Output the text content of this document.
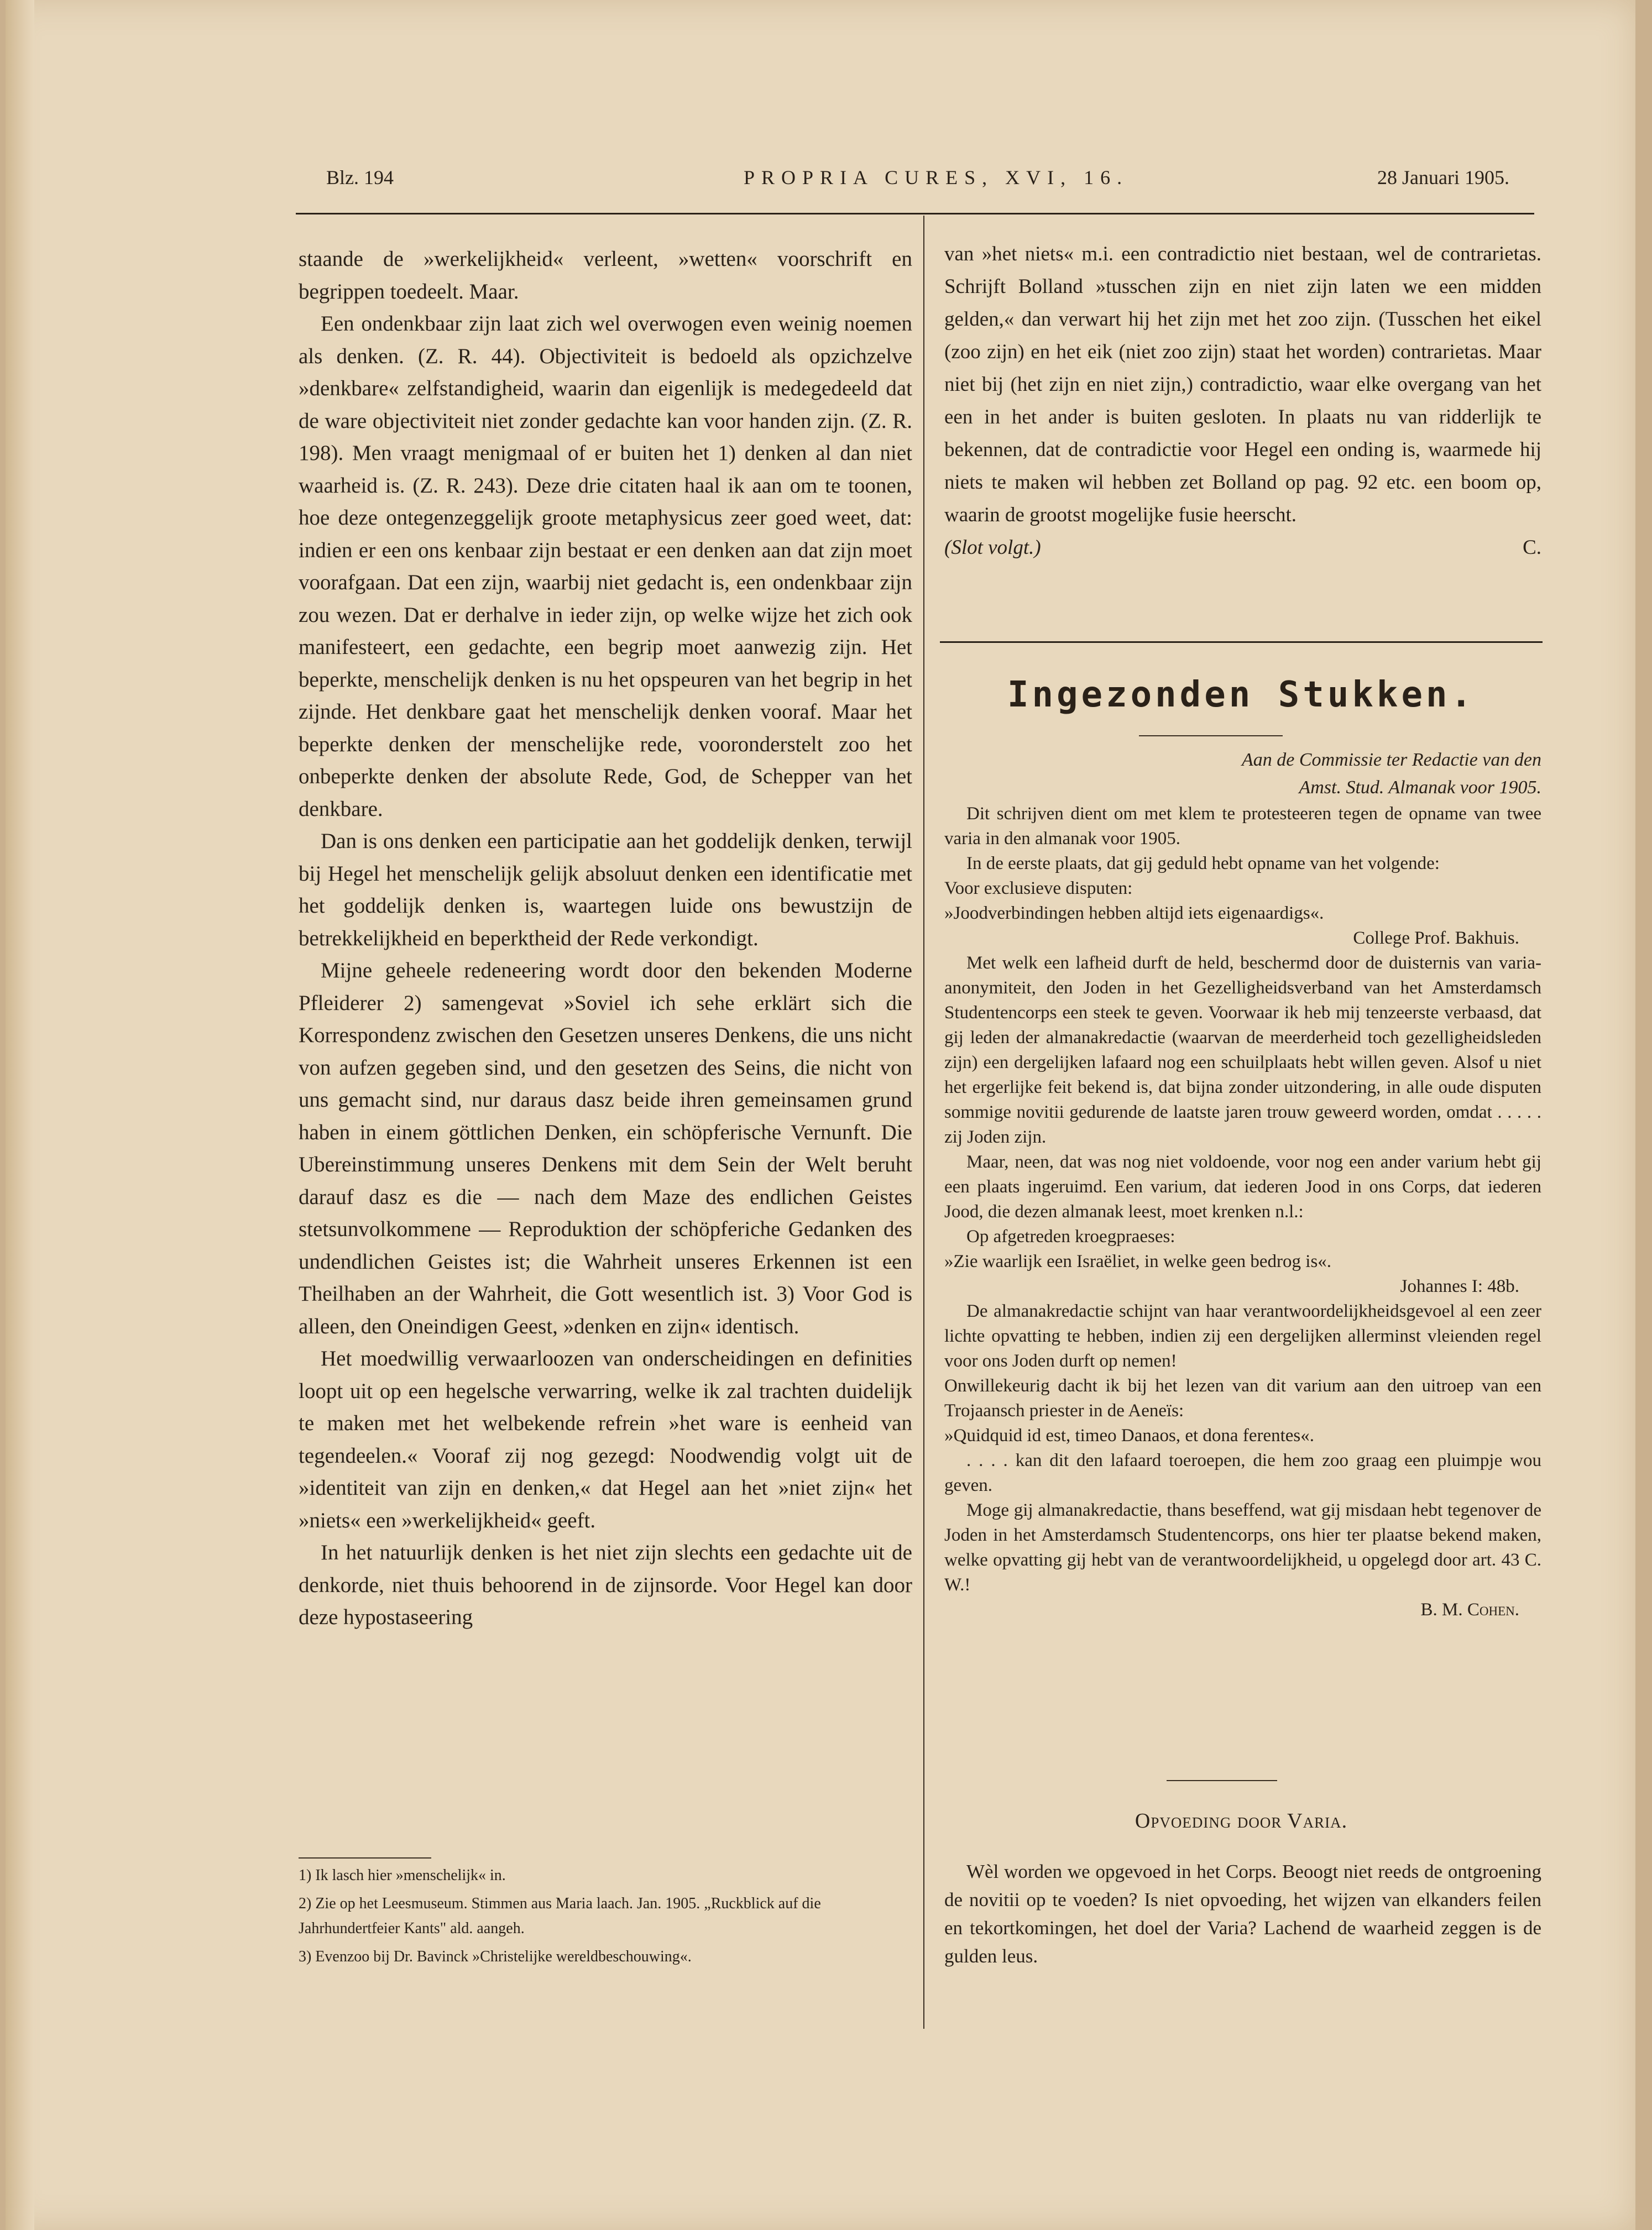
Blz. 194	PROPRIA CURES, XVI, 16.	28 Januari 1905.

staande de »werkelijkheid« verleent, »wetten« voorschrift en begrippen toedeelt. Maar.

Een ondenkbaar zijn laat zich wel overwogen even weinig noemen als denken. (Z. R. 44). Objectiviteit is bedoeld als opzichzelve »denkbare« zelfstandigheid, waarin dan eigenlijk is medegedeeld dat de ware objectiviteit niet zonder gedachte kan voor handen zijn. (Z. R. 198). Men vraagt menigmaal of er buiten het 1) denken al dan niet waarheid is. (Z. R. 243). Deze drie citaten haal ik aan om te toonen, hoe deze ontegenzeggelijk groote metaphysicus zeer goed weet, dat: indien er een ons kenbaar zijn bestaat er een denken aan dat zijn moet voorafgaan. Dat een zijn, waarbij niet gedacht is, een ondenkbaar zijn zou wezen. Dat er derhalve in ieder zijn, op welke wijze het zich ook manifesteert, een gedachte, een begrip moet aanwezig zijn. Het beperkte, menschelijk denken is nu het opspeuren van het begrip in het zijnde. Het denkbare gaat het menschelijk denken vooraf. Maar het beperkte denken der menschelijke rede, vooronderstelt zoo het onbeperkte denken der absolute Rede, God, de Schepper van het denkbare.

Dan is ons denken een participatie aan het goddelijk denken, terwijl bij Hegel het menschelijk gelijk absoluut denken een identificatie met het goddelijk denken is, waartegen luide ons bewustzijn de betrekkelijkheid en beperktheid der Rede verkondigt.

Mijne geheele redeneering wordt door den bekenden Moderne Pfleiderer 2) samengevat »Soviel ich sehe erklärt sich die Korrespondenz zwischen den Gesetzen unseres Denkens, die uns nicht von aufzen gegeben sind, und den gesetzen des Seins, die nicht von uns gemacht sind, nur daraus dasz beide ihren gemeinsamen grund haben in einem göttlichen Denken, ein schöpferische Vernunft. Die Ubereinstimmung unseres Denkens mit dem Sein der Welt beruht darauf dasz es die — nach dem Maze des endlichen Geistes stetsunvolkommene — Reproduktion der schöpferiche Gedanken des undendlichen Geistes ist; die Wahrheit unseres Erkennen ist een Theilhaben an der Wahrheit, die Gott wesentlich ist. 3) Voor God is alleen, den Oneindigen Geest, »denken en zijn« identisch.

Het moedwillig verwaarloozen van onderscheidingen en definities loopt uit op een hegelsche verwarring, welke ik zal trachten duidelijk te maken met het welbekende refrein »het ware is eenheid van tegendeelen.« Vooraf zij nog gezegd: Noodwendig volgt uit de »identiteit van zijn en denken,« dat Hegel aan het »niet zijn« het »niets« een »werkelijkheid« geeft.

In het natuurlijk denken is het niet zijn slechts een gedachte uit de denkorde, niet thuis behoorend in de zijnsorde. Voor Hegel kan door deze hypostaseering

1) Ik lasch hier »menschelijk« in.
2) Zie op het Leesmuseum. Stimmen aus Maria laach. Jan. 1905. „Ruckblick auf die Jahrhundertfeier Kants" ald. aangeh.
3) Evenzoo bij Dr. Bavinck »Christelijke wereldbeschouwing«.

van »het niets« m.i. een contradictio niet bestaan, wel de contrarietas. Schrijft Bolland »tusschen zijn en niet zijn laten we een midden gelden,« dan verwart hij het zijn met het zoo zijn. (Tusschen het eikel (zoo zijn) en het eik (niet zoo zijn) staat het worden) contrarietas. Maar niet bij (het zijn en niet zijn,) contradictio, waar elke overgang van het een in het ander is buiten gesloten. In plaats nu van ridderlijk te bekennen, dat de contradictie voor Hegel een onding is, waarmede hij niets te maken wil hebben zet Bolland op pag. 92 etc. een boom op, waarin de grootst mogelijke fusie heerscht.

(Slot volgt.)	C.
Ingezonden Stukken.
Aan de Commissie ter Redactie van den
Amst. Stud. Almanak voor 1905.

Dit schrijven dient om met klem te protesteeren tegen de opname van twee varia in den almanak voor 1905.

In de eerste plaats, dat gij geduld hebt opname van het volgende:

Voor exclusieve disputen:

»Joodverbindingen hebben altijd iets eigenaardigs«.

College Prof. Bakhuis.

Met welk een lafheid durft de held, beschermd door de duisternis van varia-anonymiteit, den Joden in het Gezelligheidsverband van het Amsterdamsch Studentencorps een steek te geven. Voorwaar ik heb mij tenzeerste verbaasd, dat gij leden der almanakredactie (waarvan de meerderheid toch gezelligheidsleden zijn) een dergelijken lafaard nog een schuilplaats hebt willen geven. Alsof u niet het ergerlijke feit bekend is, dat bijna zonder uitzondering, in alle oude disputen sommige novitii gedurende de laatste jaren trouw geweerd worden, omdat . . . . . zij Joden zijn.

Maar, neen, dat was nog niet voldoende, voor nog een ander varium hebt gij een plaats ingeruimd. Een varium, dat iederen Jood in ons Corps, dat iederen Jood, die dezen almanak leest, moet krenken n.l.:

Op afgetreden kroegpraeses:

»Zie waarlijk een Israëliet, in welke geen bedrog is«.

Johannes I: 48b.

De almanakredactie schijnt van haar verantwoordelijkheidsgevoel al een zeer lichte opvatting te hebben, indien zij een dergelijken allerminst vleienden regel voor ons Joden durft op nemen!

Onwillekeurig dacht ik bij het lezen van dit varium aan den uitroep van een Trojaansch priester in de Aeneïs:

»Quidquid id est, timeo Danaos, et dona ferentes«.

. . . . kan dit den lafaard toeroepen, die hem zoo graag een pluimpje wou geven.

Moge gij almanakredactie, thans beseffend, wat gij misdaan hebt tegenover de Joden in het Amsterdamsch Studentencorps, ons hier ter plaatse bekend maken, welke opvatting gij hebt van de verantwoordelijkheid, u opgelegd door art. 43 C. W.!

B. M. Cohen.

Opvoeding door Varia.

Wèl worden we opgevoed in het Corps. Beoogt niet reeds de ontgroening de novitii op te voeden? Is niet opvoeding, het wijzen van elkanders feilen en tekortkomingen, het doel der Varia? Lachend de waarheid zeggen is de gulden leus.
